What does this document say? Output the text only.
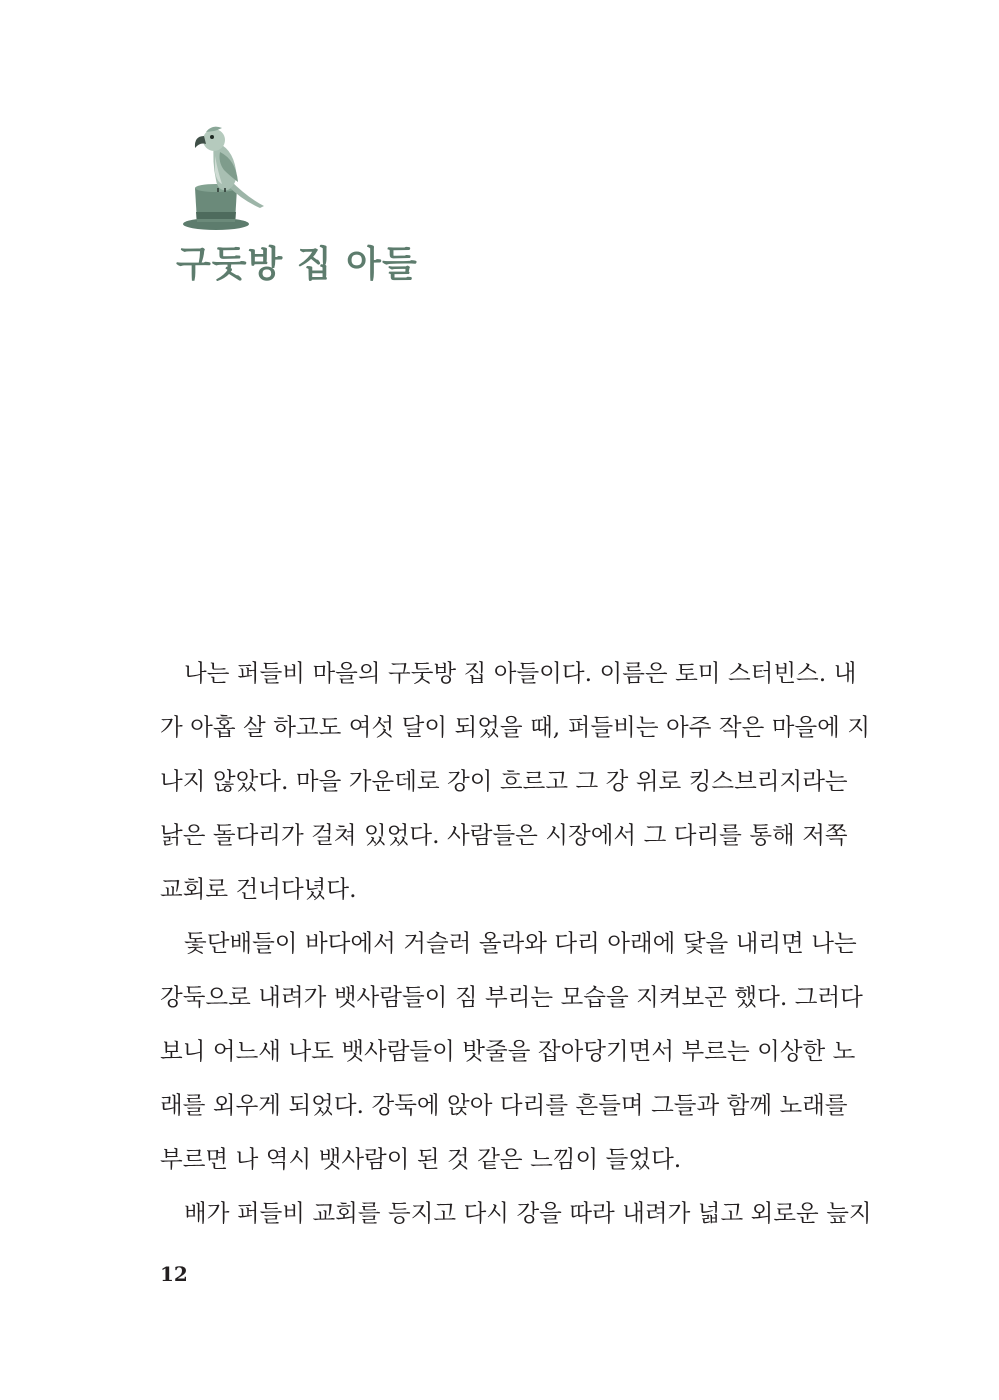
구둣방 집 아들
나는 퍼들비 마을의 구둣방 집 아들이다. 이름은 토미 스터빈스. 내
가 아홉 살 하고도 여섯 달이 되었을 때, 퍼들비는 아주 작은 마을에 지
나지 않았다. 마을 가운데로 강이 흐르고 그 강 위로 킹스브리지라는
낡은 돌다리가 걸쳐 있었다. 사람들은 시장에서 그 다리를 통해 저쪽
교회로 건너다녔다.
돛단배들이 바다에서 거슬러 올라와 다리 아래에 닻을 내리면 나는
강둑으로 내려가 뱃사람들이 짐 부리는 모습을 지켜보곤 했다. 그러다
보니 어느새 나도 뱃사람들이 밧줄을 잡아당기면서 부르는 이상한 노
래를 외우게 되었다. 강둑에 앉아 다리를 흔들며 그들과 함께 노래를
부르면 나 역시 뱃사람이 된 것 같은 느낌이 들었다.
배가 퍼들비 교회를 등지고 다시 강을 따라 내려가 넓고 외로운 늪지
12
